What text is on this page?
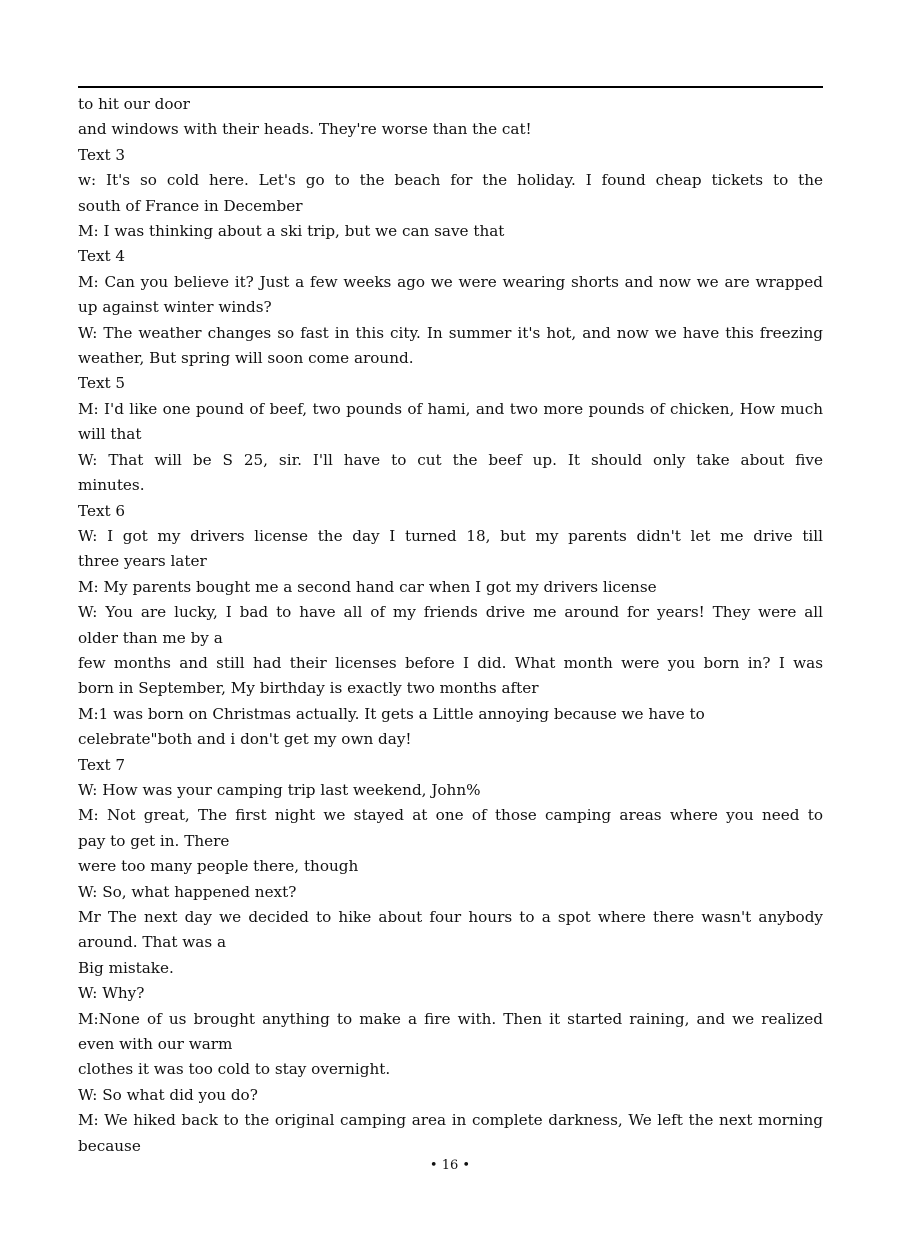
to hit our door

and windows with their heads. They're worse than the cat!

Text 3

w: It's so cold here. Let's go to the beach for the holiday. I found cheap tickets to the

south of France in December

M: I was thinking about a ski trip, but we can save that

Text 4

M: Can you believe it? Just a few weeks ago we were wearing shorts and now we are wrapped

up against winter winds?

W: The weather changes so fast in this city. In summer it's hot, and now we have this freezing

weather, But spring will soon come around.

Text 5

M: I'd like one pound of beef, two pounds of hami, and two more pounds of chicken, How much

will that

W: That will be S 25, sir. I'll have to cut the beef up. It should only take about five

minutes.

Text 6

W: I got my drivers license the day I turned 18, but my parents didn't let me drive till

three years later

M: My parents bought me a second hand car when I got my drivers license

W: You are lucky, I bad to have all of my friends drive me around for years! They were all

older than me by a

few months and still had their licenses before I did. What month were you born in? I was

born in September, My birthday is exactly two months after

M:1 was born on Christmas actually. It gets a Little annoying because we have to

celebrate"both and i don't get my own day!

Text 7

W: How was your camping trip last weekend, John%

M: Not great, The first night we stayed at one of those camping areas where you need to

pay to get in. There

were too many people there, though

W: So, what happened next?

Mr The next day we decided to hike about four hours to a spot where there wasn't anybody

around. That was a

Big mistake.

W: Why?

M:None of us brought anything to make a fire with. Then it started raining, and we realized

even with our warm

clothes it was too cold to stay overnight.

W: So what did you do?

M: We hiked back to the original camping area in complete darkness, We left the next morning

because

• 16 •
